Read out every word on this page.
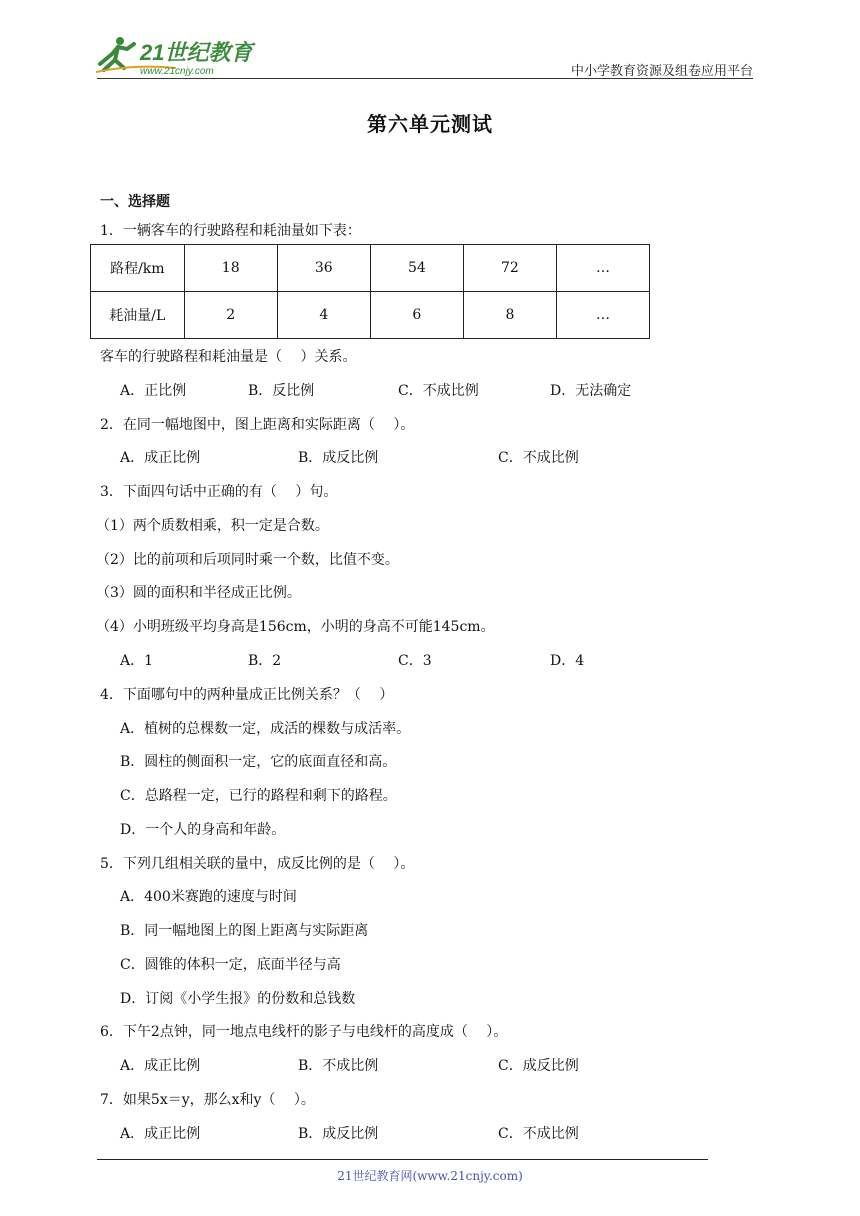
21世纪教育
www.21cnjy.com	中小学教育资源及组卷应用平台
第六单元测试
一、选择题
1．一辆客车的行驶路程和耗油量如下表：
路程/km	18	36	54	72	…
耗油量/L	2	4	6	8	…
客车的行驶路程和耗油量是（　 ）关系。
A．正比例	B．反比例	C．不成比例	D．无法确定
2．在同一幅地图中，图上距离和实际距离（　 ）。
A．成正比例	B．成反比例	C．不成比例
3．下面四句话中正确的有（　 ）句。
（1）两个质数相乘，积一定是合数。
（2）比的前项和后项同时乘一个数，比值不变。
（3）圆的面积和半径成正比例。
（4）小明班级平均身高是156cm，小明的身高不可能145cm。
A．1	B．2	C．3	D．4
4．下面哪句中的两种量成正比例关系？（　 ）
A．植树的总棵数一定，成活的棵数与成活率。
B．圆柱的侧面积一定，它的底面直径和高。
C．总路程一定，已行的路程和剩下的路程。
D．一个人的身高和年龄。
5．下列几组相关联的量中，成反比例的是（　 ）。
A．400米赛跑的速度与时间
B．同一幅地图上的图上距离与实际距离
C．圆锥的体积一定，底面半径与高
D．订阅《小学生报》的份数和总钱数
6．下午2点钟，同一地点电线杆的影子与电线杆的高度成（　 ）。
A．成正比例	B．不成比例	C．成反比例
7．如果5x＝y，那么x和y（　 ）。
A．成正比例	B．成反比例	C．不成比例
21世纪教育网(www.21cnjy.com)
